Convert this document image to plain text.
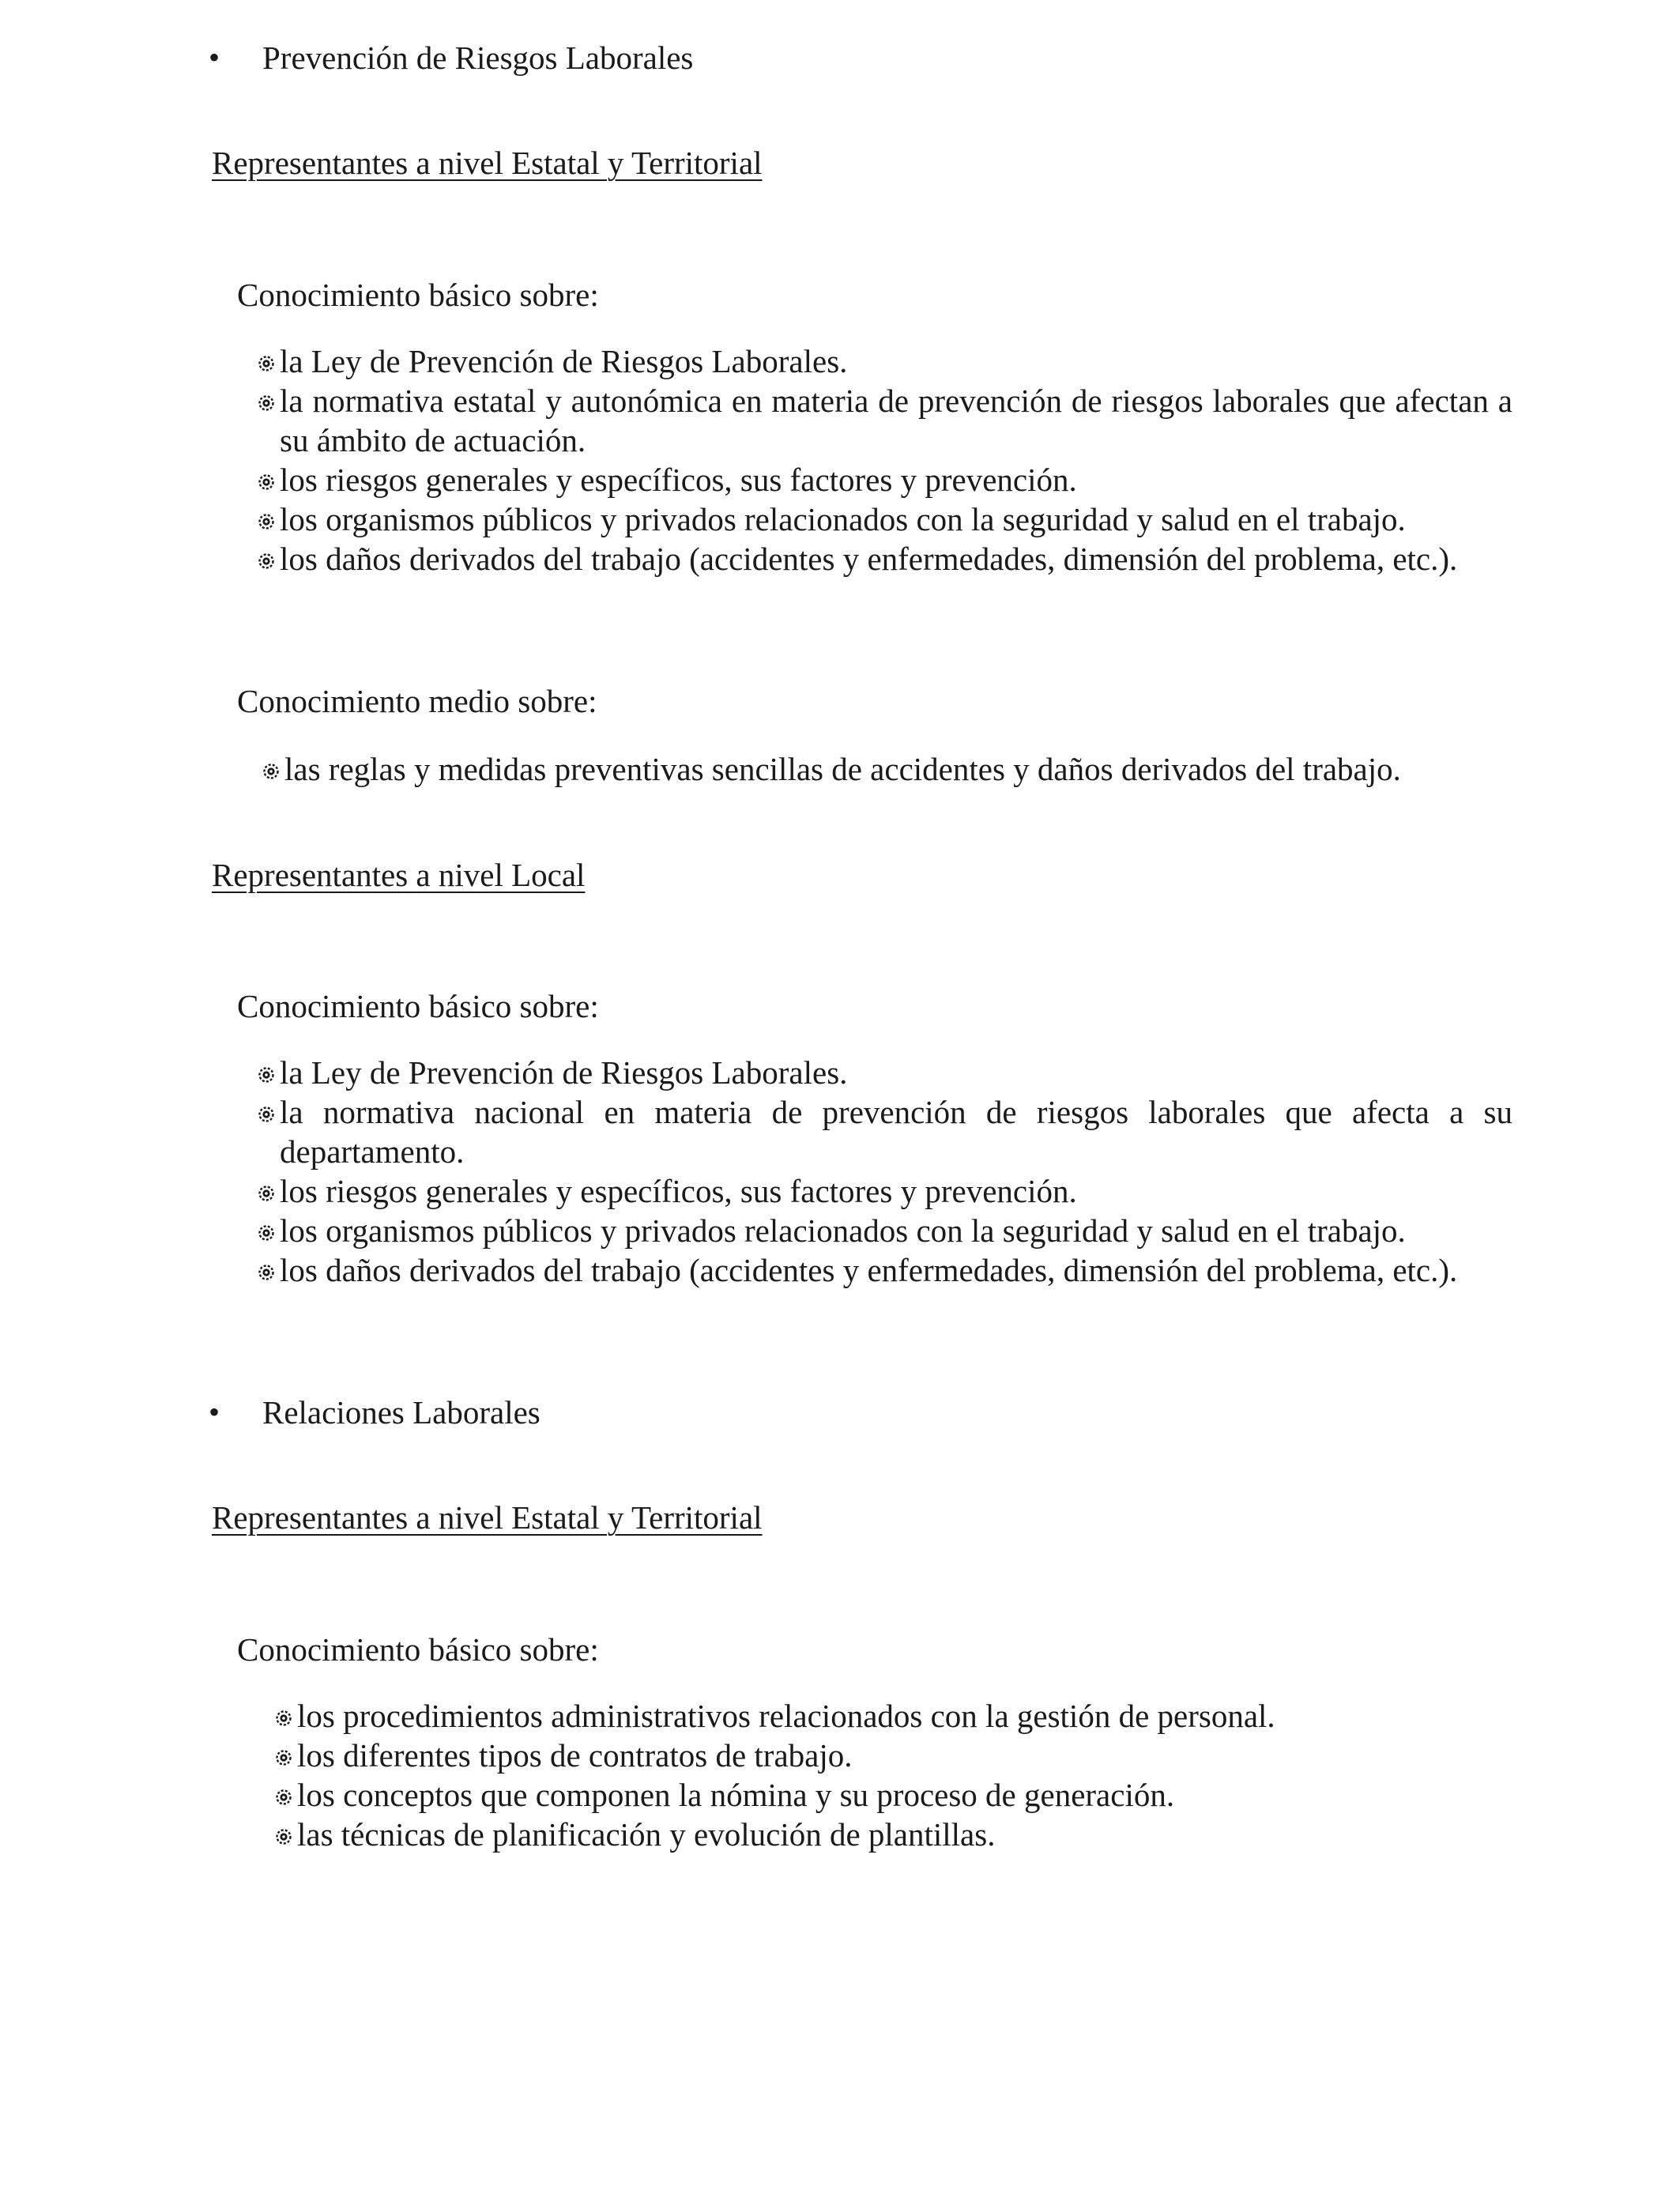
• Prevención de Riesgos Laborales
Representantes a nivel Estatal y Territorial
Conocimiento básico sobre:
la Ley de Prevención de Riesgos Laborales.
la normativa estatal y autonómica en materia de prevención de riesgos laborales que afectan a su ámbito de actuación.
los riesgos generales y específicos, sus factores y prevención.
los organismos públicos y privados relacionados con la seguridad y salud en el trabajo.
los daños derivados del trabajo (accidentes y enfermedades, dimensión del problema, etc.).
Conocimiento medio sobre:
las reglas y medidas preventivas sencillas de accidentes y daños derivados del trabajo.
Representantes a nivel Local
Conocimiento básico sobre:
la Ley de Prevención de Riesgos Laborales.
la normativa nacional en materia de prevención de riesgos laborales que afecta a su departamento.
los riesgos generales y específicos, sus factores y prevención.
los organismos públicos y privados relacionados con la seguridad y salud en el trabajo.
los daños derivados del trabajo (accidentes y enfermedades, dimensión del problema, etc.).
• Relaciones Laborales
Representantes a nivel Estatal y Territorial
Conocimiento básico sobre:
los procedimientos administrativos relacionados con la gestión de personal.
los diferentes tipos de contratos de trabajo.
los conceptos que componen la nómina y su proceso de generación.
las técnicas de planificación y evolución de plantillas.
